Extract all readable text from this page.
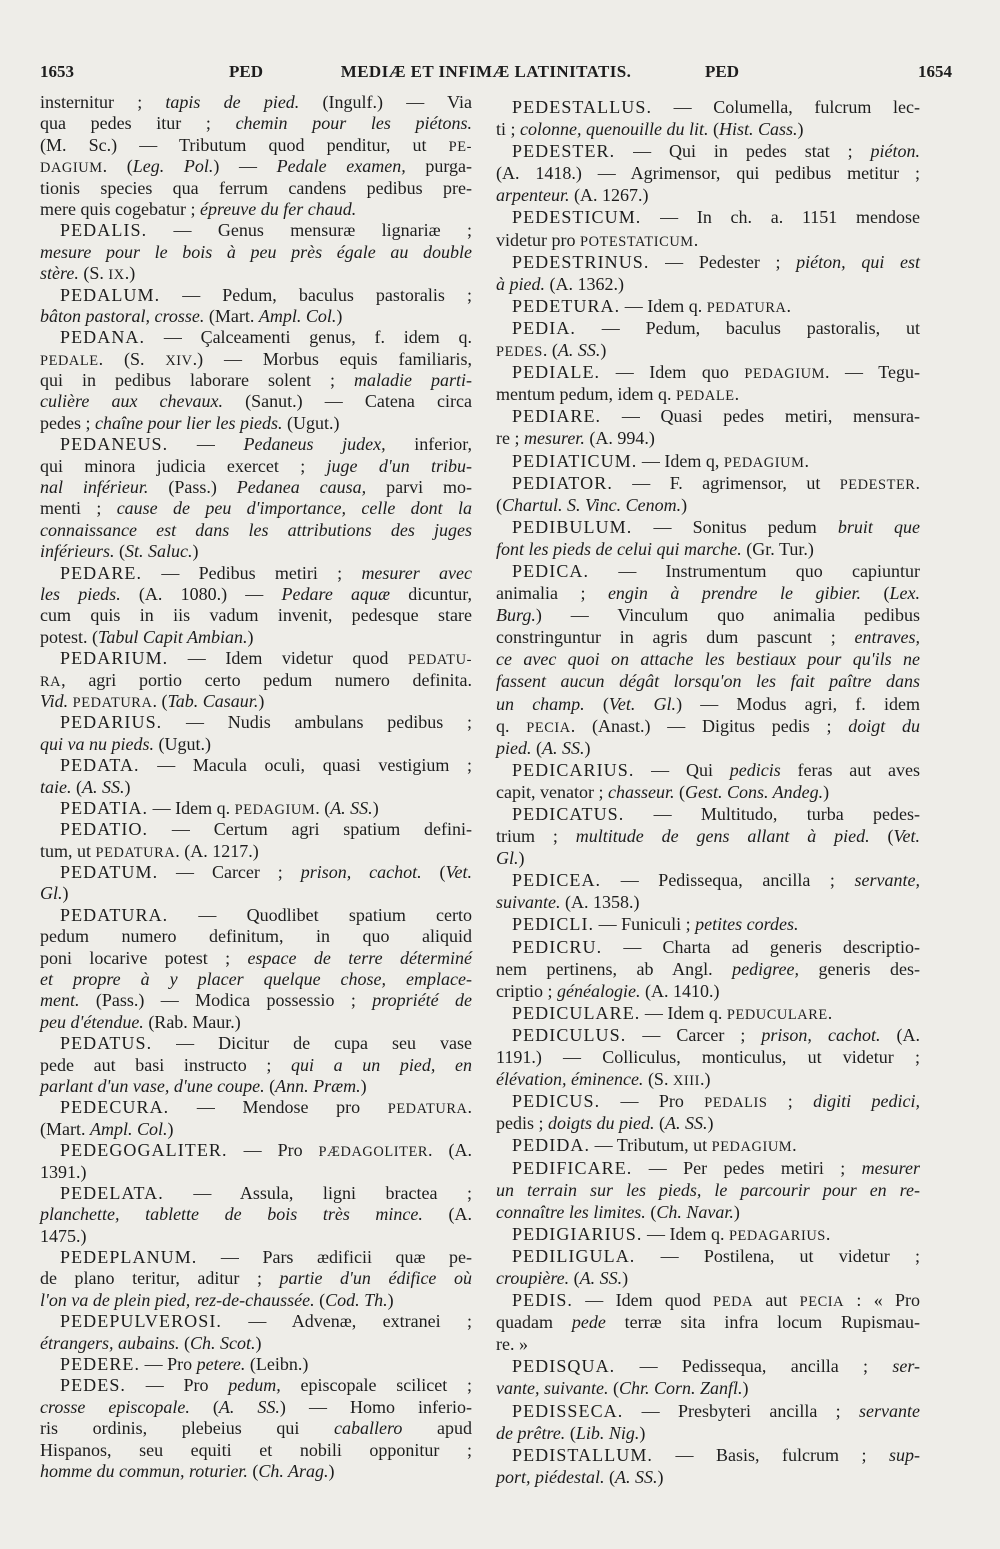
1653	PED	MEDIÆ ET INFIMÆ LATINITATIS.	PED	1654
insternitur ; tapis de pied. (Ingulf.) — Via
qua pedes itur ; chemin pour les piétons.
(M. Sc.) — Tributum quod penditur, ut PE-
DAGIUM. (Leg. Pol.) — Pedale examen, purga-
tionis species qua ferrum candens pedibus pre-
mere quis cogebatur ; épreuve du fer chaud.
PEDALIS. — Genus mensuræ lignariæ ;
mesure pour le bois à peu près égale au double
stère. (S. IX.)
PEDALUM. — Pedum, baculus pastoralis ;
bâton pastoral, crosse. (Mart. Ampl. Col.)
PEDANA. — Çalceamenti genus, f. idem q.
PEDALE. (S. XIV.) — Morbus equis familiaris,
qui in pedibus laborare solent ; maladie parti-
culière aux chevaux. (Sanut.) — Catena circa
pedes ; chaîne pour lier les pieds. (Ugut.)
PEDANEUS. — Pedaneus judex, inferior,
qui minora judicia exercet ; juge d'un tribu-
nal inférieur. (Pass.) Pedanea causa, parvi mo-
menti ; cause de peu d'importance, celle dont la
connaissance est dans les attributions des juges
inférieurs. (St. Saluc.)
PEDARE. — Pedibus metiri ; mesurer avec
les pieds. (A. 1080.) — Pedare aquæ dicuntur,
cum quis in iis vadum invenit, pedesque stare
potest. (Tabul Capit Ambian.)
PEDARIUM. — Idem videtur quod PEDATU-
RA, agri portio certo pedum numero definita.
Vid. PEDATURA. (Tab. Casaur.)
PEDARIUS. — Nudis ambulans pedibus ;
qui va nu pieds. (Ugut.)
PEDATA. — Macula oculi, quasi vestigium ;
taie. (A. SS.)
PEDATIA. — Idem q. PEDAGIUM. (A. SS.)
PEDATIO. — Certum agri spatium defini-
tum, ut PEDATURA. (A. 1217.)
PEDATUM. — Carcer ; prison, cachot. (Vet.
Gl.)
PEDATURA. — Quodlibet spatium certo
pedum numero definitum, in quo aliquid
poni locarive potest ; espace de terre déterminé
et propre à y placer quelque chose, emplace-
ment. (Pass.) — Modica possessio ; propriété de
peu d'étendue. (Rab. Maur.)
PEDATUS. — Dicitur de cupa seu vase
pede aut basi instructo ; qui a un pied, en
parlant d'un vase, d'une coupe. (Ann. Præm.)
PEDECURA. — Mendose pro PEDATURA.
(Mart. Ampl. Col.)
PEDEGOGALITER. — Pro PÆDAGOLITER. (A.
1391.)
PEDELATA. — Assula, ligni bractea ;
planchette, tablette de bois très mince. (A.
1475.)
PEDEPLANUM. — Pars ædificii quæ pe-
de plano teritur, aditur ; partie d'un édifice où
l'on va de plein pied, rez-de-chaussée. (Cod. Th.)
PEDEPULVEROSI. — Advenæ, extranei ;
étrangers, aubains. (Ch. Scot.)
PEDERE. — Pro petere. (Leibn.)
PEDES. — Pro pedum, episcopale scilicet ;
crosse episcopale. (A. SS.) — Homo inferio-
ris ordinis, plebeius qui caballero apud
Hispanos, seu equiti et nobili opponitur ;
homme du commun, roturier. (Ch. Arag.)
PEDESTALLUS. — Columella, fulcrum lec-
ti ; colonne, quenouille du lit. (Hist. Cass.)
PEDESTER. — Qui in pedes stat ; piéton.
(A. 1418.) — Agrimensor, qui pedibus metitur ;
arpenteur. (A. 1267.)
PEDESTICUM. — In ch. a. 1151 mendose
videtur pro POTESTATICUM.
PEDESTRINUS. — Pedester ; piéton, qui est
à pied. (A. 1362.)
PEDETURA. — Idem q. PEDATURA.
PEDIA. — Pedum, baculus pastoralis, ut
PEDES. (A. SS.)
PEDIALE. — Idem quo PEDAGIUM. — Tegu-
mentum pedum, idem q. PEDALE.
PEDIARE. — Quasi pedes metiri, mensura-
re ; mesurer. (A. 994.)
PEDIATICUM. — Idem q, PEDAGIUM.
PEDIATOR. — F. agrimensor, ut PEDESTER.
(Chartul. S. Vinc. Cenom.)
PEDIBULUM. — Sonitus pedum bruit que
font les pieds de celui qui marche. (Gr. Tur.)
PEDICA. — Instrumentum quo capiuntur
animalia ; engin à prendre le gibier. (Lex.
Burg.) — Vinculum quo animalia pedibus
constringuntur in agris dum pascunt ; entraves,
ce avec quoi on attache les bestiaux pour qu'ils ne
fassent aucun dégât lorsqu'on les fait paître dans
un champ. (Vet. Gl.) — Modus agri, f. idem
q. PECIA. (Anast.) — Digitus pedis ; doigt du
pied. (A. SS.)
PEDICARIUS. — Qui pedicis feras aut aves
capit, venator ; chasseur. (Gest. Cons. Andeg.)
PEDICATUS. — Multitudo, turba pedes-
trium ; multitude de gens allant à pied. (Vet.
Gl.)
PEDICEA. — Pedissequa, ancilla ; servante,
suivante. (A. 1358.)
PEDICLI. — Funiculi ; petites cordes.
PEDICRU. — Charta ad generis descriptio-
nem pertinens, ab Angl. pedigree, generis des-
criptio ; généalogie. (A. 1410.)
PEDICULARE. — Idem q. PEDUCULARE.
PEDICULUS. — Carcer ; prison, cachot. (A.
1191.) — Colliculus, monticulus, ut videtur ;
élévation, éminence. (S. XIII.)
PEDICUS. — Pro PEDALIS ; digiti pedici,
pedis ; doigts du pied. (A. SS.)
PEDIDA. — Tributum, ut PEDAGIUM.
PEDIFICARE. — Per pedes metiri ; mesurer
un terrain sur les pieds, le parcourir pour en re-
connaître les limites. (Ch. Navar.)
PEDIGIARIUS. — Idem q. PEDAGARIUS.
PEDILIGULA. — Postilena, ut videtur ;
croupière. (A. SS.)
PEDIS. — Idem quod PEDA aut PECIA : « Pro
quadam pede terræ sita infra locum Rupismau-
re. »
PEDISQUA. — Pedissequa, ancilla ; ser-
vante, suivante. (Chr. Corn. Zanfl.)
PEDISSECA. — Presbyteri ancilla ; servante
de prêtre. (Lib. Nig.)
PEDISTALLUM. — Basis, fulcrum ; sup-
port, piédestal. (A. SS.)
